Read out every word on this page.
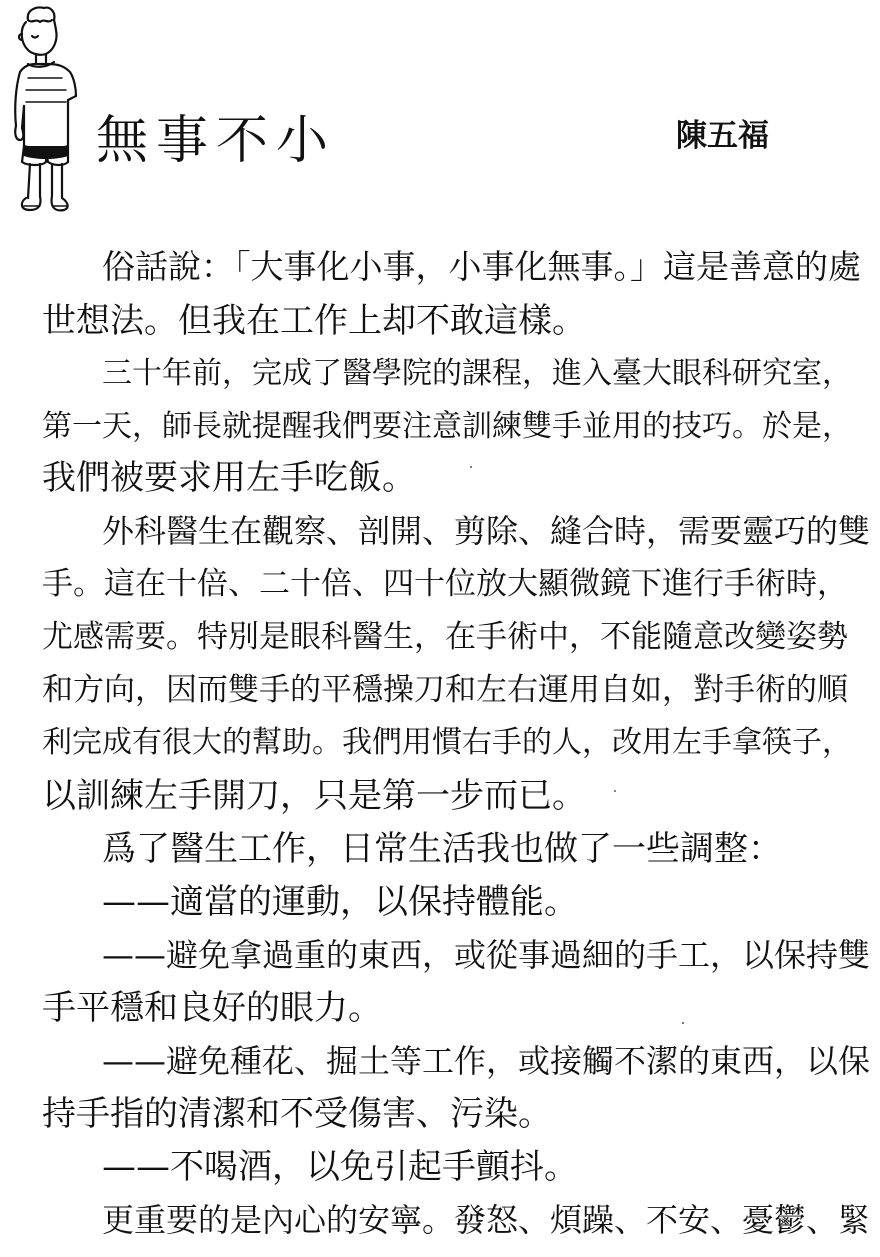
無事不小	陳五福
俗話說：「大事化小事，小事化無事。」這是善意的處
世想法。但我在工作上却不敢這樣。
三十年前，完成了醫學院的課程，進入臺大眼科研究室，
第一天，師長就提醒我們要注意訓練雙手並用的技巧。於是，
我們被要求用左手吃飯。
外科醫生在觀察、剖開、剪除、縫合時，需要靈巧的雙
手。這在十倍、二十倍、四十位放大顯微鏡下進行手術時，
尤感需要。特別是眼科醫生，在手術中，不能隨意改變姿勢
和方向，因而雙手的平穩操刀和左右運用自如，對手術的順
利完成有很大的幫助。我們用慣右手的人，改用左手拿筷子，
以訓練左手開刀，只是第一步而已。
爲了醫生工作，日常生活我也做了一些調整：
——適當的運動，以保持體能。
——避免拿過重的東西，或從事過細的手工，以保持雙
手平穩和良好的眼力。
——避免種花、掘土等工作，或接觸不潔的東西，以保
持手指的清潔和不受傷害、污染。
——不喝酒，以免引起手顫抖。
更重要的是內心的安寧。發怒、煩躁、不安、憂鬱、緊
